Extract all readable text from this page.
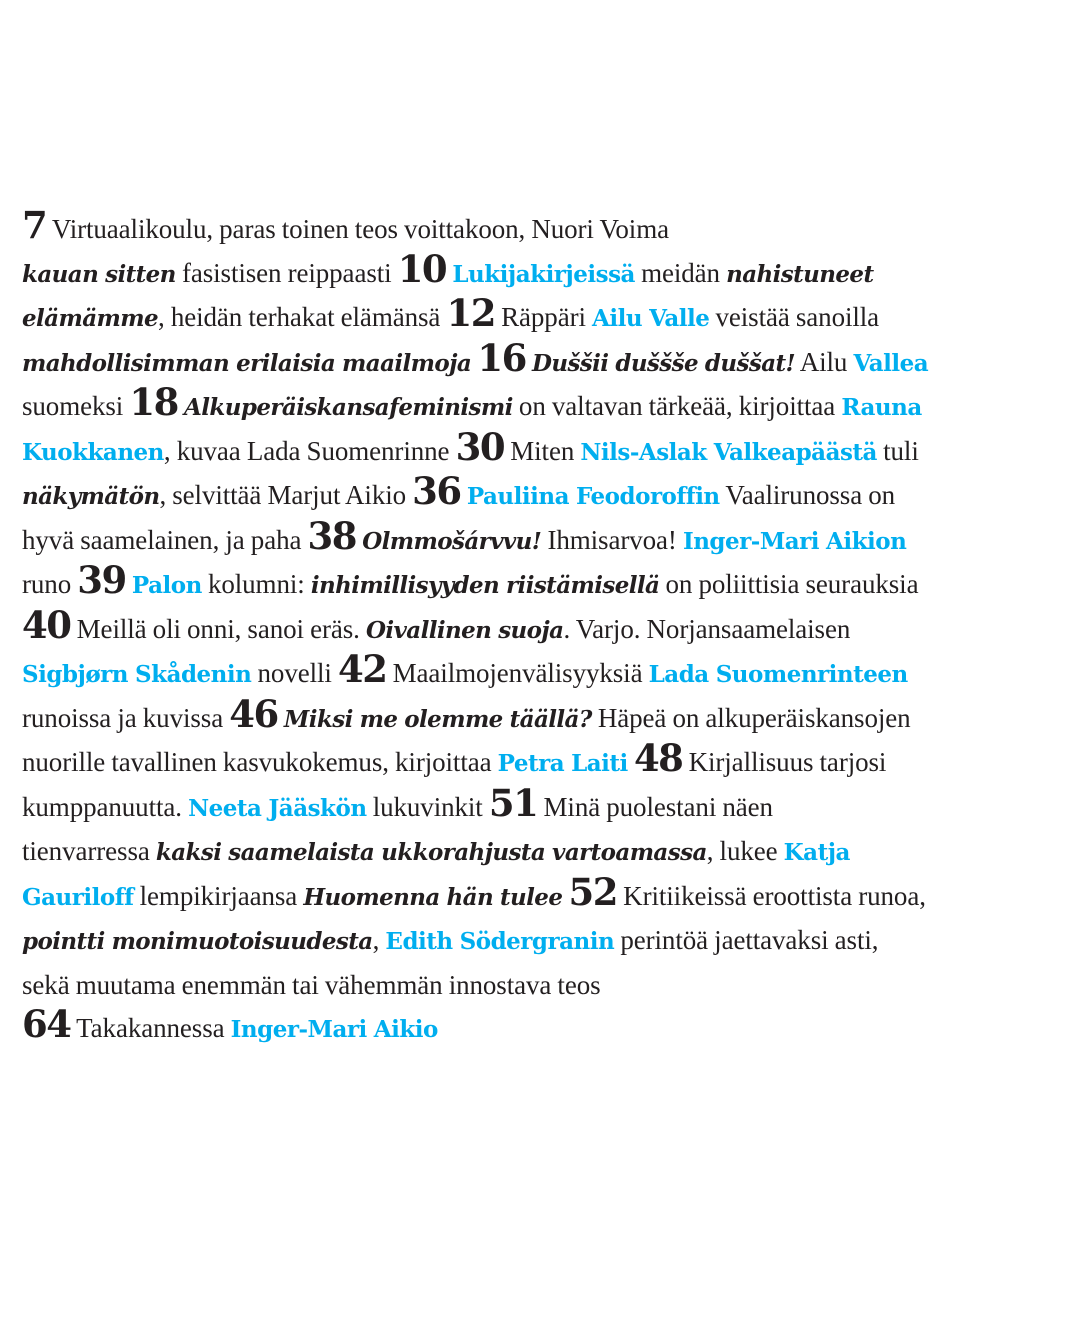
7 Virtuaalikoulu, paras toinen teos voittakoon, Nuori Voima
kauan sitten fasistisen reippaasti 10 Lukijakirjeissä meidän nahistuneet
elämämme, heidän terhakat elämänsä 12 Räppäri Ailu Valle veistää sanoilla
mahdollisimman erilaisia maailmoja 16 Duššii duššše duššat! Ailu Vallea
suomeksi 18 Alkuperäiskansafeminismi on valtavan tärkeää, kirjoittaa Rauna
Kuokkanen, kuvaa Lada Suomenrinne 30 Miten Nils-Aslak Valkeapäästä tuli
näkymätön, selvittää Marjut Aikio 36 Pauliina Feodoroffin Vaalirunossa on
hyvä saamelainen, ja paha 38 Olmmošárvvu! Ihmisarvoa! Inger-Mari Aikion
runo 39 Palon kolumni: inhimillisyyden riistämisellä on poliittisia seurauksia
40 Meillä oli onni, sanoi eräs. Oivallinen suoja. Varjo. Norjansaamelaisen
Sigbjørn Skådenin novelli 42 Maailmojenvälisyyksiä Lada Suomenrinteen
runoissa ja kuvissa 46 Miksi me olemme täällä? Häpeä on alkuperäiskansojen
nuorille tavallinen kasvukokemus, kirjoittaa Petra Laiti 48 Kirjallisuus tarjosi
kumppanuutta. Neeta Jääskön lukuvinkit 51 Minä puolestani näen
tienvarressa kaksi saamelaista ukkorahjusta vartoamassa, lukee Katja
Gauriloff lempikirjaansa Huomenna hän tulee 52 Kritiikeissä eroottista runoa,
pointti monimuotoisuudesta, Edith Södergranin perintöä jaettavaksi asti,
sekä muutama enemmän tai vähemmän innostava teos
64 Takakannessa Inger-Mari Aikio
